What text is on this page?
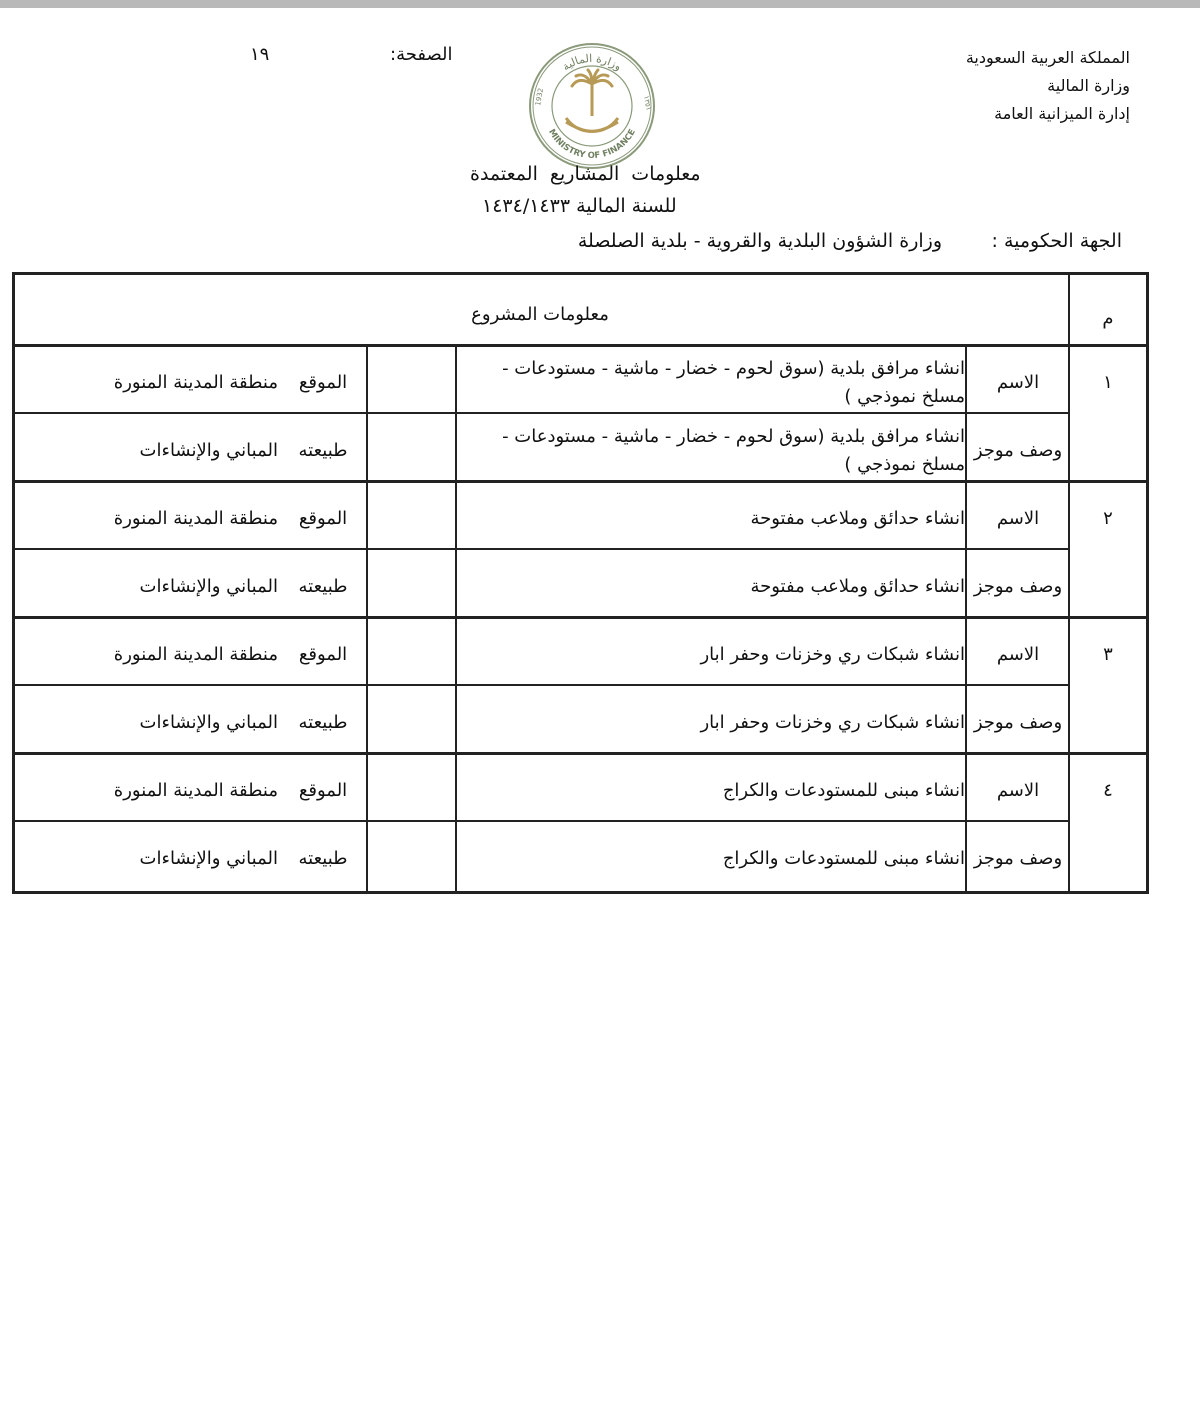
المملكة العربية السعودية
وزارة المالية
إدارة الميزانية العامة
الصفحة:
١٩
وزارة المالية
MINISTRY OF FINANCE
1932	١٣٥١
معلومات المشاريع المعتمدة
للسنة المالية ١٤٣٤/١٤٣٣
الجهة الحكومية :
وزارة الشؤون البلدية والقروية - بلدية الصلصلة
م
معلومات المشروع
١
الاسم
انشاء مرافق بلدية (سوق لحوم - خضار - ماشية - مستودعات - مسلخ نموذجي )
الموقع
منطقة المدينة المنورة
وصف موجز
انشاء مرافق بلدية (سوق لحوم - خضار - ماشية - مستودعات - مسلخ نموذجي )
طبيعته
المباني والإنشاءات
٢
الاسم
انشاء حدائق وملاعب مفتوحة
الموقع
منطقة المدينة المنورة
وصف موجز
انشاء حدائق وملاعب مفتوحة
طبيعته
المباني والإنشاءات
٣
الاسم
انشاء شبكات ري وخزنات وحفر ابار
الموقع
منطقة المدينة المنورة
وصف موجز
انشاء شبكات ري وخزنات وحفر ابار
طبيعته
المباني والإنشاءات
٤
الاسم
انشاء مبنى للمستودعات والكراج
الموقع
منطقة المدينة المنورة
وصف موجز
انشاء مبنى للمستودعات والكراج
طبيعته
المباني والإنشاءات
